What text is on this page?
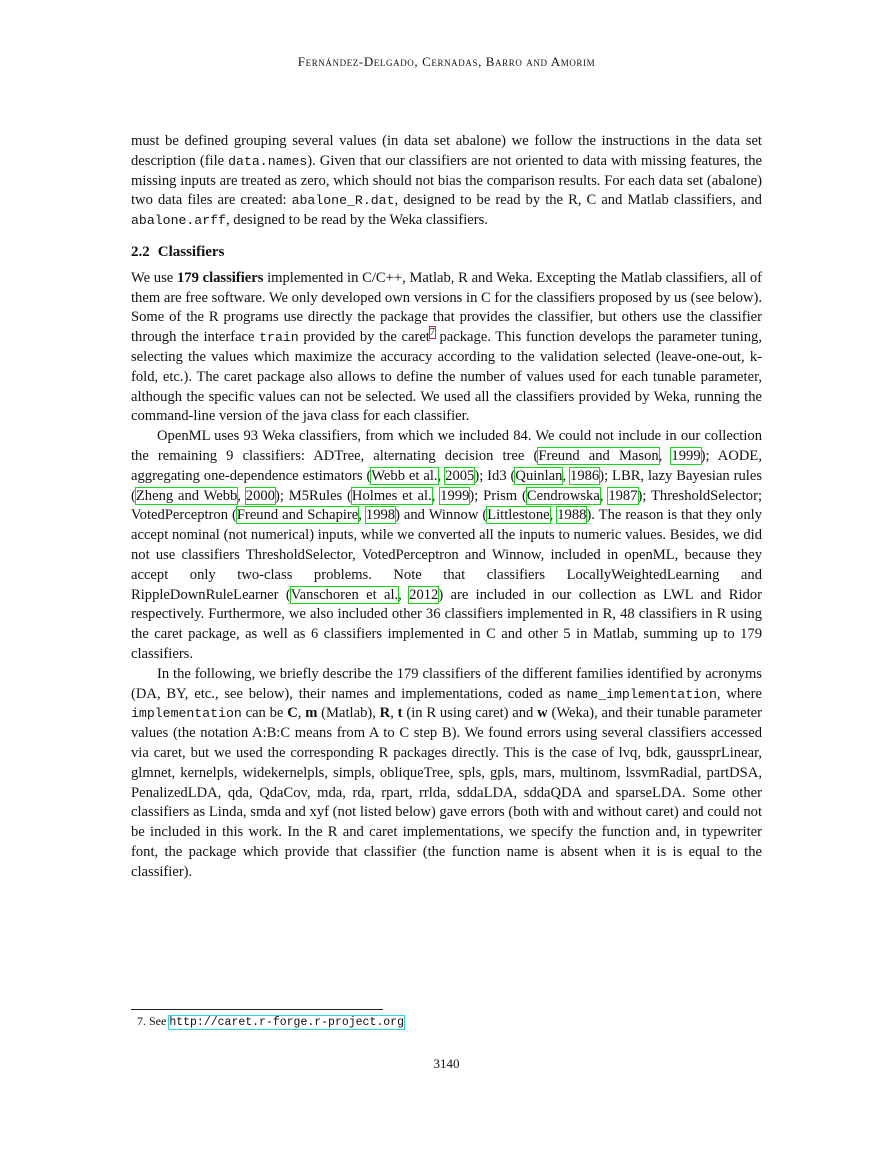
Fernández-Delgado, Cernadas, Barro and Amorim

must be defined grouping several values (in data set abalone) we follow the instructions in the data set description (file data.names). Given that our classifiers are not oriented to data with missing features, the missing inputs are treated as zero, which should not bias the comparison results. For each data set (abalone) two data files are created: abalone_R.dat, designed to be read by the R, C and Matlab classifiers, and abalone.arff, designed to be read by the Weka classifiers.

2.2 Classifiers

We use 179 classifiers implemented in C/C++, Matlab, R and Weka. Excepting the Matlab classifiers, all of them are free software. We only developed own versions in C for the classifiers proposed by us (see below). Some of the R programs use directly the package that provides the classifier, but others use the classifier through the interface train provided by the caret$^7$ package. This function develops the parameter tuning, selecting the values which maximize the accuracy according to the validation selected (leave-one-out, k-fold, etc.). The caret package also allows to define the number of values used for each tunable parameter, although the specific values can not be selected. We used all the classifiers provided by Weka, running the command-line version of the java class for each classifier.

OpenML uses 93 Weka classifiers, from which we included 84. We could not include in our collection the remaining 9 classifiers: ADTree, alternating decision tree (Freund and Mason, 1999); AODE, aggregating one-dependence estimators (Webb et al., 2005); Id3 (Quinlan, 1986); LBR, lazy Bayesian rules (Zheng and Webb, 2000); M5Rules (Holmes et al., 1999); Prism (Cendrowska, 1987); ThresholdSelector; VotedPerceptron (Freund and Schapire, 1998) and Winnow (Littlestone, 1988). The reason is that they only accept nominal (not numerical) inputs, while we converted all the inputs to numeric values. Besides, we did not use classifiers ThresholdSelector, VotedPerceptron and Winnow, included in openML, because they accept only two-class problems. Note that classifiers LocallyWeightedLearning and RippleDownRuleLearner (Vanschoren et al., 2012) are included in our collection as LWL and Ridor respectively. Furthermore, we also included other 36 classifiers implemented in R, 48 classifiers in R using the caret package, as well as 6 classifiers implemented in C and other 5 in Matlab, summing up to 179 classifiers.

In the following, we briefly describe the 179 classifiers of the different families identified by acronyms (DA, BY, etc., see below), their names and implementations, coded as name_implementation, where implementation can be C, m (Matlab), R, t (in R using caret) and w (Weka), and their tunable parameter values (the notation A:B:C means from A to C step B). We found errors using several classifiers accessed via caret, but we used the corresponding R packages directly. This is the case of lvq, bdk, gaussprLinear, glmnet, kernelpls, widekernelpls, simpls, obliqueTree, spls, gpls, mars, multinom, lssvmRadial, partDSA, PenalizedLDA, qda, QdaCov, mda, rda, rpart, rrlda, sddaLDA, sddaQDA and sparseLDA. Some other classifiers as Linda, smda and xyf (not listed below) gave errors (both with and without caret) and could not be included in this work. In the R and caret implementations, we specify the function and, in typewriter font, the package which provide that classifier (the function name is absent when it is is equal to the classifier).

7. See http://caret.r-forge.r-project.org
3140
